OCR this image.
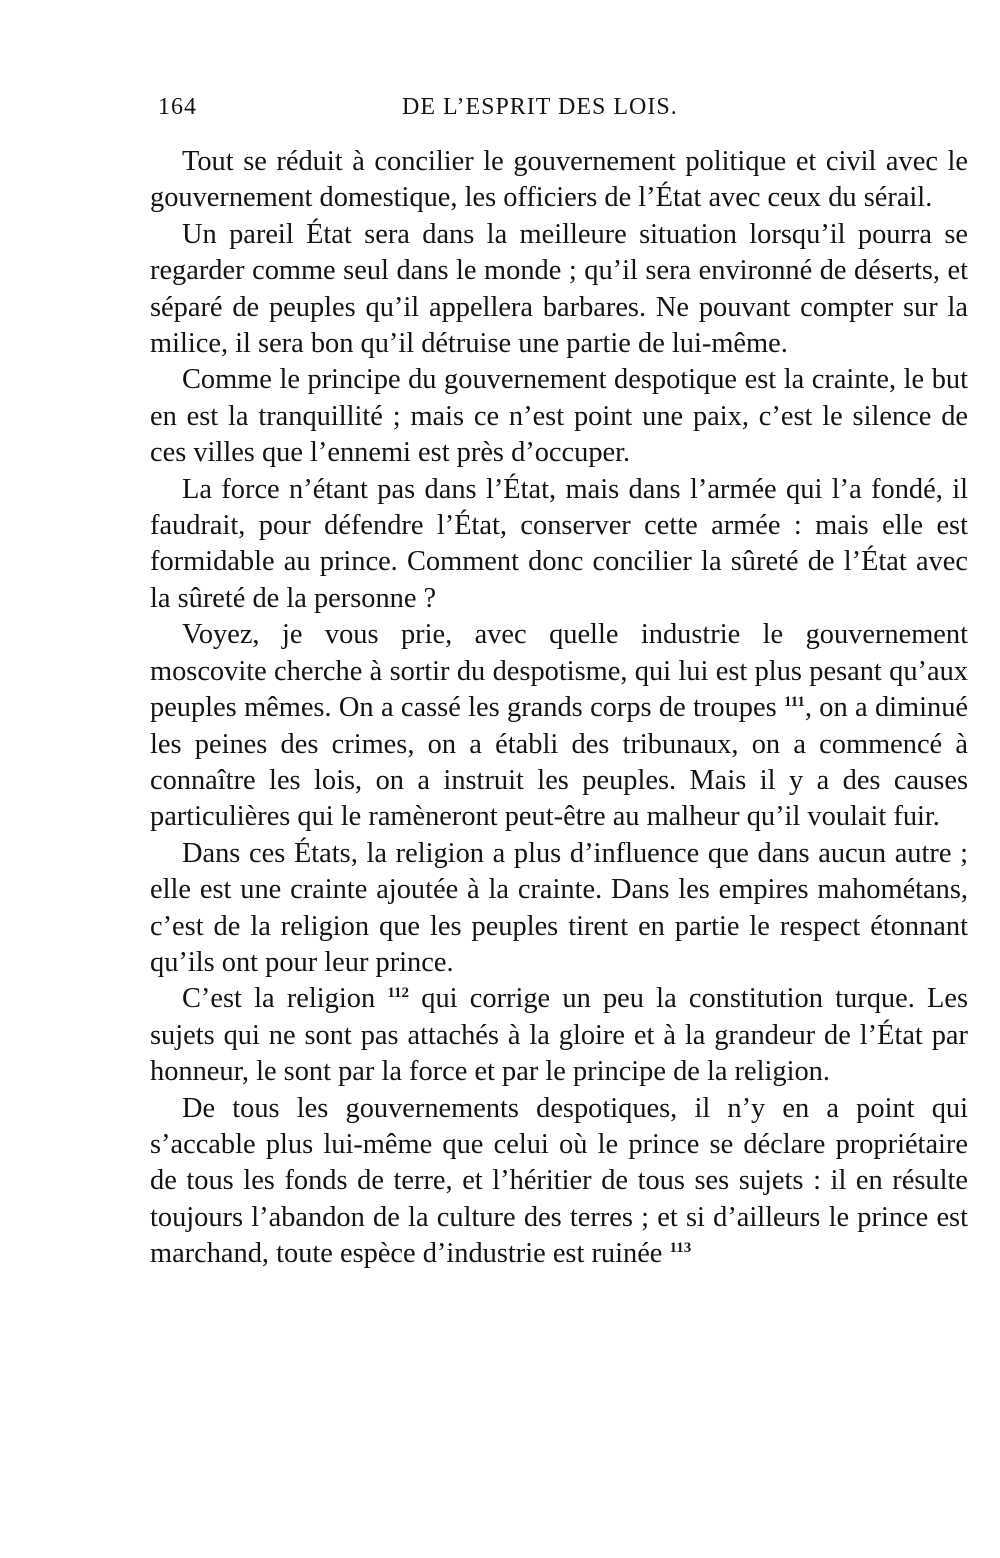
164	DE L’ESPRIT DES LOIS.

Tout se réduit à concilier le gouvernement politique et civil avec le gouvernement domestique, les officiers de l’État avec ceux du sérail.

Un pareil État sera dans la meilleure situation lorsqu’il pourra se regarder comme seul dans le monde ; qu’il sera environné de déserts, et séparé de peuples qu’il appellera barbares. Ne pouvant compter sur la milice, il sera bon qu’il détruise une partie de lui-même.

Comme le principe du gouvernement despotique est la crainte, le but en est la tranquillité ; mais ce n’est point une paix, c’est le silence de ces villes que l’ennemi est près d’occuper.

La force n’étant pas dans l’État, mais dans l’armée qui l’a fondé, il faudrait, pour défendre l’État, conserver cette armée : mais elle est formidable au prince. Comment donc concilier la sûreté de l’État avec la sûreté de la personne ?

Voyez, je vous prie, avec quelle industrie le gouvernement moscovite cherche à sortir du despotisme, qui lui est plus pesant qu’aux peuples mêmes. On a cassé les grands corps de troupes $^{111}$, on a diminué les peines des crimes, on a établi des tribunaux, on a commencé à connaître les lois, on a instruit les peuples. Mais il y a des causes particulières qui le ramèneront peut-être au malheur qu’il voulait fuir.

Dans ces États, la religion a plus d’influence que dans aucun autre ; elle est une crainte ajoutée à la crainte. Dans les empires mahométans, c’est de la religion que les peuples tirent en partie le respect étonnant qu’ils ont pour leur prince.

C’est la religion $^{112}$ qui corrige un peu la constitution turque. Les sujets qui ne sont pas attachés à la gloire et à la grandeur de l’État par honneur, le sont par la force et par le principe de la religion.

De tous les gouvernements despotiques, il n’y en a point qui s’accable plus lui-même que celui où le prince se déclare propriétaire de tous les fonds de terre, et l’héritier de tous ses sujets : il en résulte toujours l’abandon de la culture des terres ; et si d’ailleurs le prince est marchand, toute espèce d’industrie est ruinée $^{113}$
